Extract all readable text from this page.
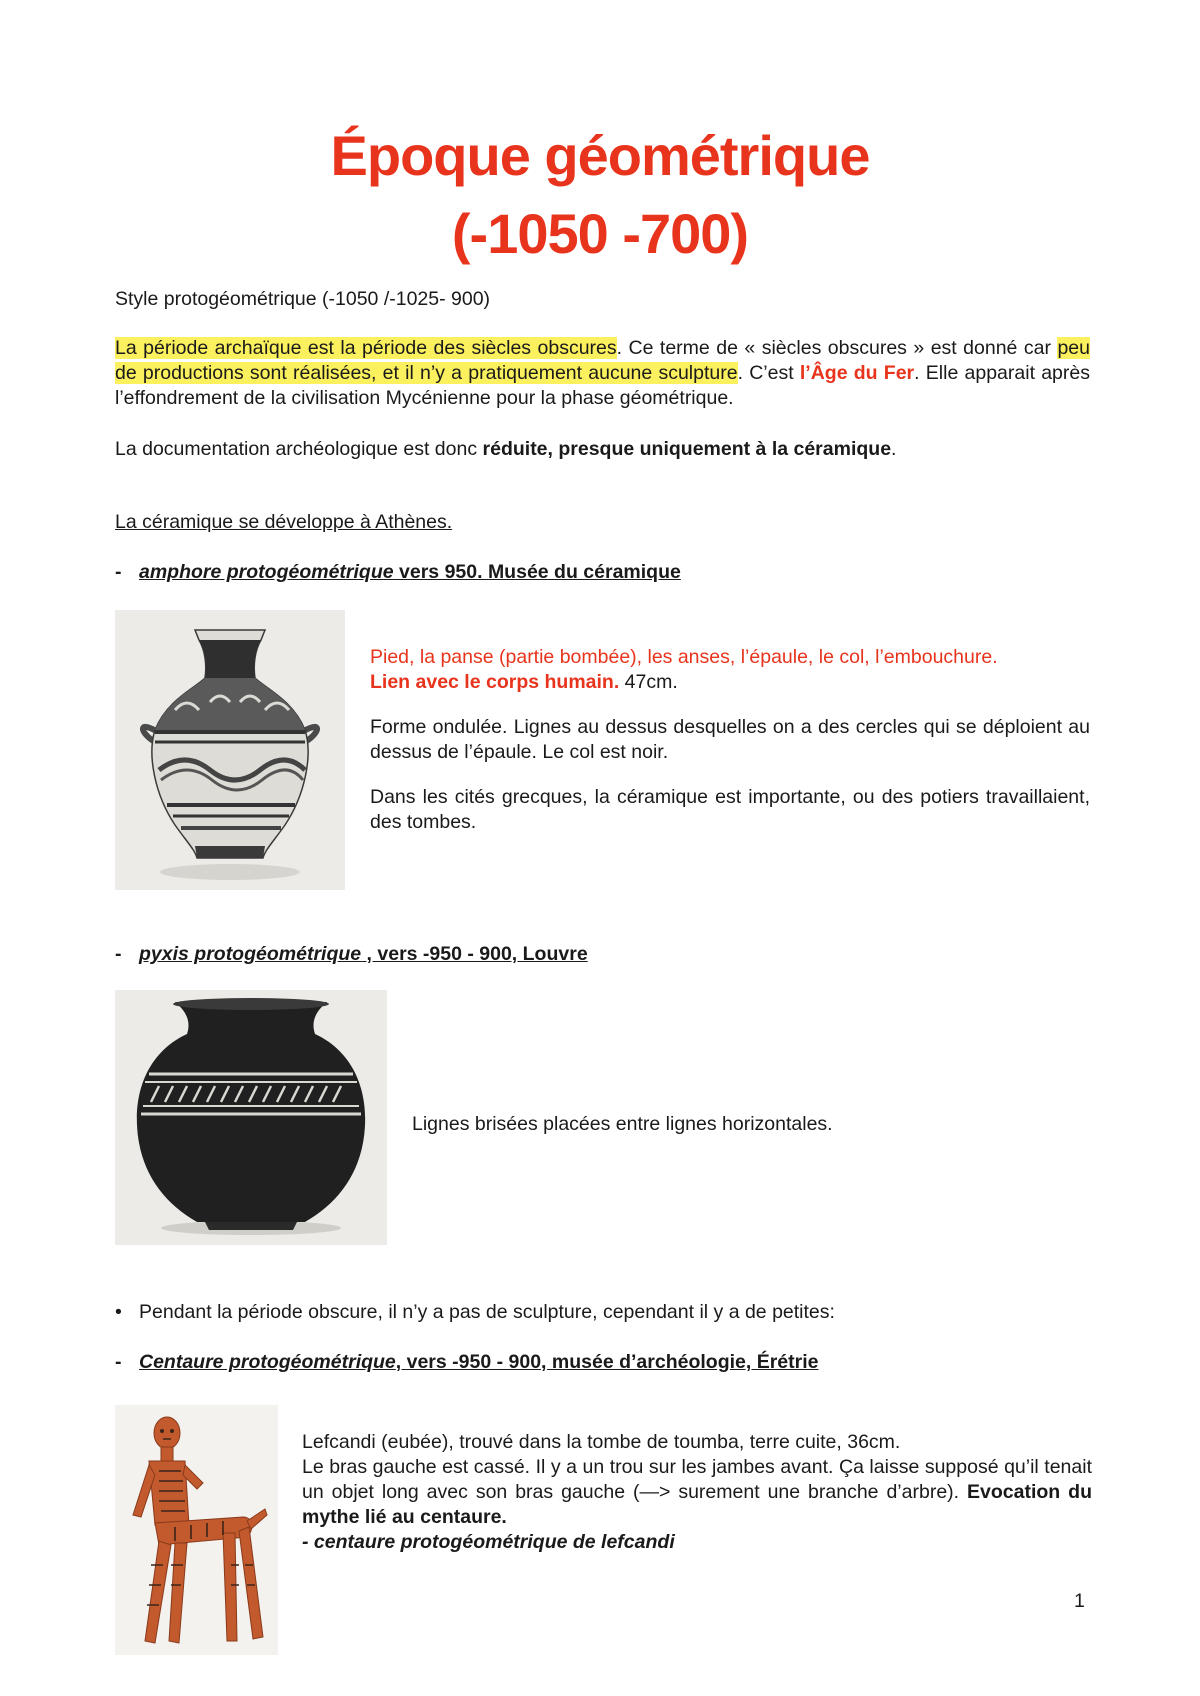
Époque géométrique
(-1050 -700)

Style protogéométrique (-1050 /-1025- 900)

La période archaïque est la période des siècles obscures. Ce terme de « siècles obscures » est donné car peu de productions sont réalisées, et il n’y a pratiquement aucune sculpture. C’est l’Âge du Fer. Elle apparait après l’effondrement de la civilisation Mycénienne pour la phase géométrique.

La documentation archéologique est donc réduite, presque uniquement à la céramique.

La céramique se développe à Athènes.

- amphore protogéométrique vers 950. Musée du céramique
Pied, la panse (partie bombée), les anses, l’épaule, le col, l’embouchure.
Lien avec le corps humain. 47cm.
Forme ondulée. Lignes au dessus desquelles on a des cercles qui se déploient au dessus de l’épaule. Le col est noir.
Dans les cités grecques, la céramique est importante, ou des potiers travaillaient, des tombes.
- pyxis protogéométrique , vers -950 - 900, Louvre

Lignes brisées placées entre lignes horizontales.

• Pendant la période obscure, il n’y a pas de sculpture, cependant il y a de petites:
- Centaure protogéométrique, vers -950 - 900, musée d’archéologie, Érétrie
Lefcandi (eubée), trouvé dans la tombe de toumba, terre cuite, 36cm.
Le bras gauche est cassé. Il y a un trou sur les jambes avant. Ça laisse supposé qu’il tenait un objet long avec son bras gauche (—> surement une branche d’arbre). Evocation du mythe lié au centaure.
- centaure protogéométrique de lefcandi
1
